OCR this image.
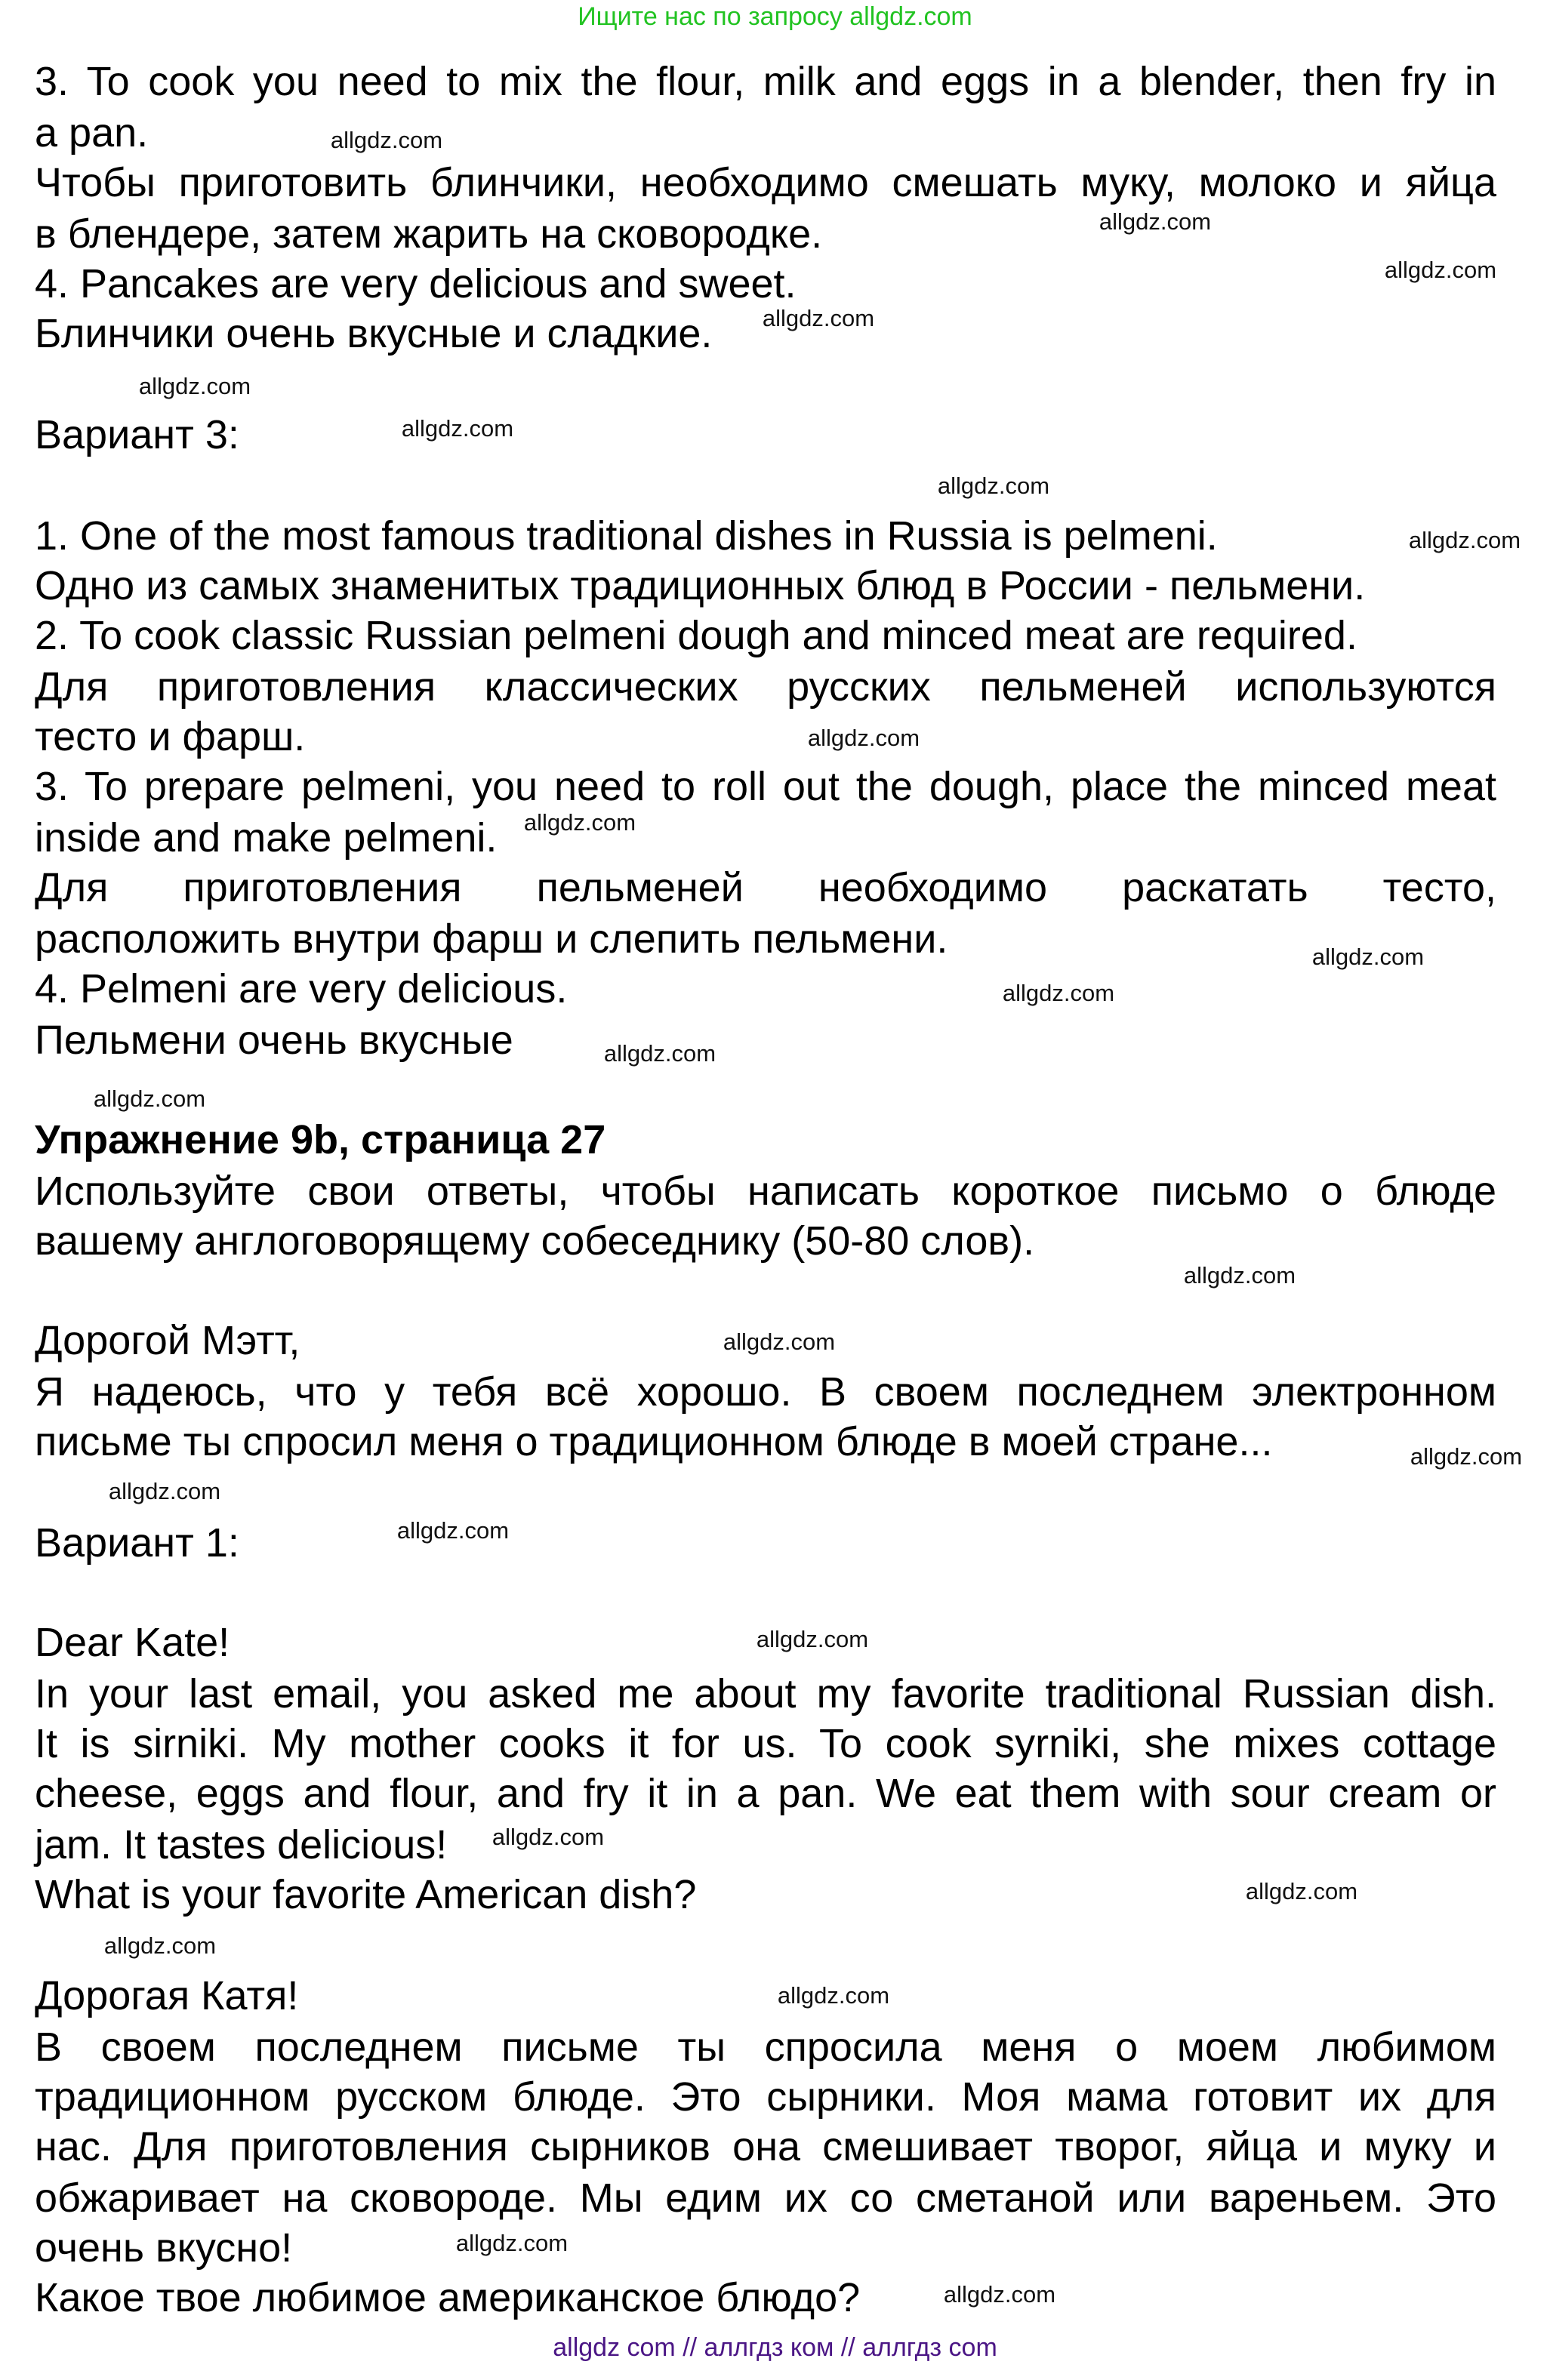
Ищите нас по запросу allgdz.com
3. To cook you need to mix the flour, milk and eggs in a blender, then fry in
a pan.
Чтобы приготовить блинчики, необходимо смешать муку, молоко и яйца
в блендере, затем жарить на сковородке.
4. Pancakes are very delicious and sweet.
Блинчики очень вкусные и сладкие.
Вариант 3:
1. One of the most famous traditional dishes in Russia is pelmeni.
Одно из самых знаменитых традиционных блюд в России - пельмени.
2. To cook classic Russian pelmeni dough and minced meat are required.
Для приготовления классических русских пельменей используются
тесто и фарш.
3. To prepare pelmeni, you need to roll out the dough, place the minced meat
inside and make pelmeni.
Для приготовления пельменей необходимо раскатать тесто,
расположить внутри фарш и слепить пельмени.
4. Pelmeni are very delicious.
Пельмени очень вкусные
Упражнение 9b, страница 27
Используйте свои ответы, чтобы написать короткое письмо о блюде
вашему англоговорящему собеседнику (50-80 слов).
Дорогой Мэтт,
Я надеюсь, что у тебя всё хорошо. В своем последнем электронном
письме ты спросил меня о традиционном блюде в моей стране...
Вариант 1:
Dear Kate!
In your last email, you asked me about my favorite traditional Russian dish.
It is sirniki. My mother cooks it for us. To cook syrniki, she mixes cottage
cheese, eggs and flour, and fry it in a pan. We eat them with sour cream or
jam. It tastes delicious!
What is your favorite American dish?
Дорогая Катя!
В своем последнем письме ты спросила меня о моем любимом
традиционном русском блюде. Это сырники. Моя мама готовит их для
нас. Для приготовления сырников она смешивает творог, яйца и муку и
обжаривает на сковороде. Мы едим их со сметаной или вареньем. Это
очень вкусно!
Какое твое любимое американское блюдо?
allgdz.com
allgdz.com
allgdz.com
allgdz.com
allgdz.com
allgdz.com
allgdz.com
allgdz.com
allgdz.com
allgdz.com
allgdz.com
allgdz.com
allgdz.com
allgdz.com
allgdz.com
allgdz.com
allgdz.com
allgdz.com
allgdz.com
allgdz.com
allgdz.com
allgdz.com
allgdz.com
allgdz.com
allgdz.com
allgdz.com
allgdz com // аллгдз ком // аллгдз com
